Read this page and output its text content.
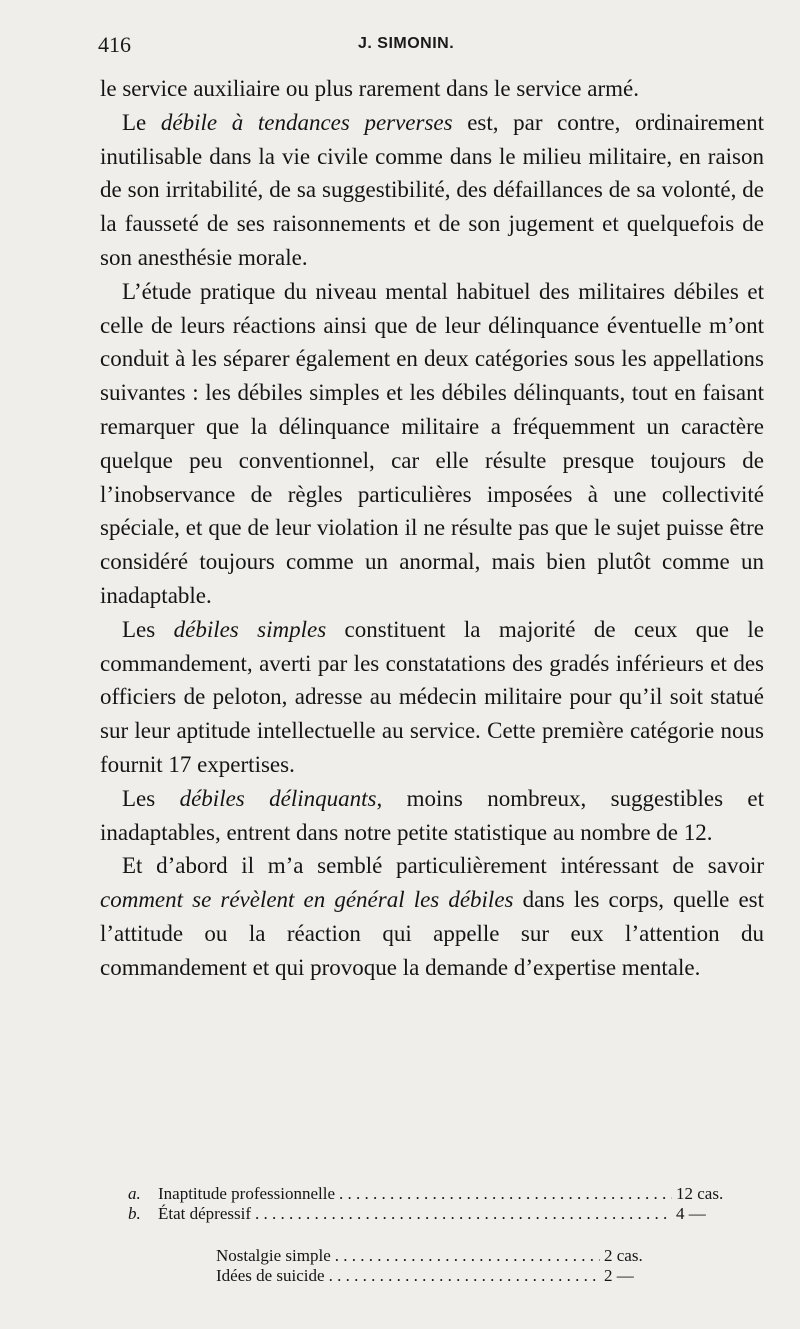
416	J. SIMONIN.

le service auxiliaire ou plus rarement dans le service armé.

Le débile à tendances perverses est, par contre, ordinairement inutilisable dans la vie civile comme dans le milieu militaire, en raison de son irritabilité, de sa suggestibilité, des défaillances de sa volonté, de la fausseté de ses raisonnements et de son jugement et quelquefois de son anesthésie morale.

L’étude pratique du niveau mental habituel des militaires débiles et celle de leurs réactions ainsi que de leur délinquance éventuelle m’ont conduit à les séparer également en deux catégories sous les appellations suivantes : les débiles simples et les débiles délinquants, tout en faisant remarquer que la délinquance militaire a fréquemment un caractère quelque peu conventionnel, car elle résulte presque toujours de l’inobservance de règles particulières imposées à une collectivité spéciale, et que de leur violation il ne résulte pas que le sujet puisse être considéré toujours comme un anormal, mais bien plutôt comme un inadaptable.

Les débiles simples constituent la majorité de ceux que le commandement, averti par les constatations des gradés inférieurs et des officiers de peloton, adresse au médecin militaire pour qu’il soit statué sur leur aptitude intellectuelle au service. Cette première catégorie nous fournit 17 expertises.

Les débiles délinquants, moins nombreux, suggestibles et inadaptables, entrent dans notre petite statistique au nombre de 12.

Et d’abord il m’a semblé particulièrement intéressant de savoir comment se révèlent en général les débiles dans les corps, quelle est l’attitude ou la réaction qui appelle sur eux l’attention du commandement et qui provoque la demande d’expertise mentale.

a.	Inaptitude professionnelle . . .	12 cas.
b.	État dépressif . . .	4 —
Nostalgie simple . . .	2 cas.
Idées de suicide . . .	2 —
